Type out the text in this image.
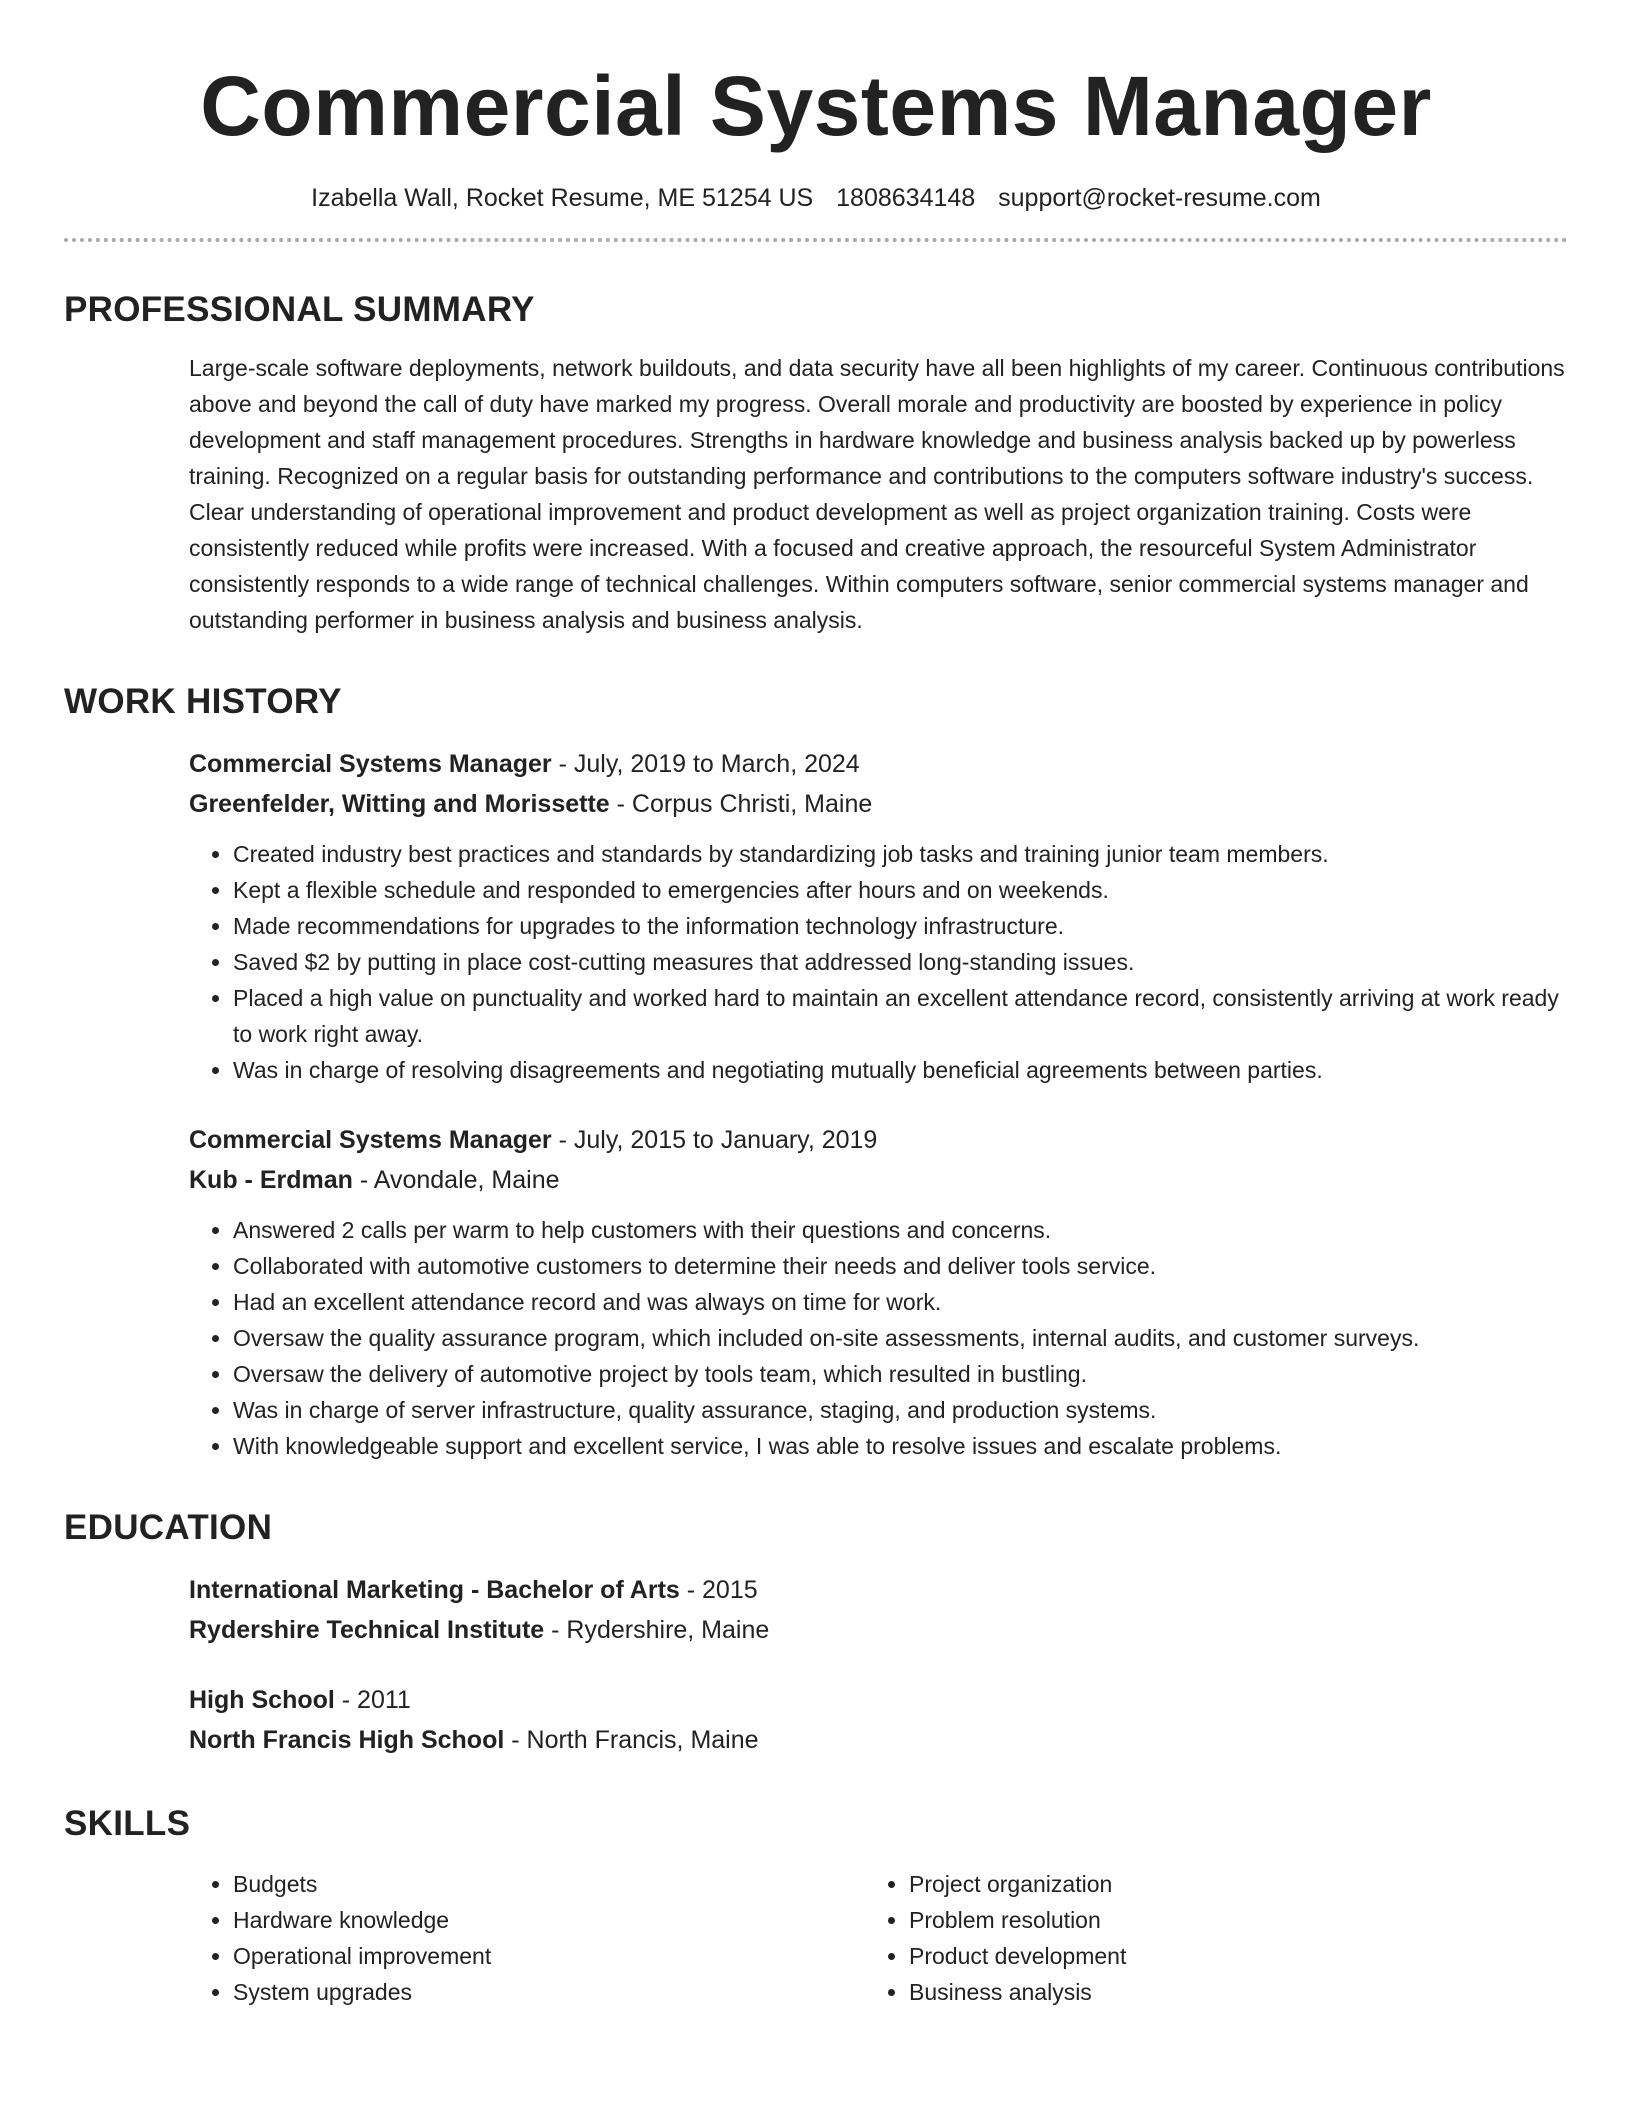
Commercial Systems Manager
Izabella Wall, Rocket Resume, ME 51254 US 1808634148 support@rocket-resume.com
PROFESSIONAL SUMMARY

Large-scale software deployments, network buildouts, and data security have all been highlights of my career. Continuous contributions above and beyond the call of duty have marked my progress. Overall morale and productivity are boosted by experience in policy development and staff management procedures. Strengths in hardware knowledge and business analysis backed up by powerless training. Recognized on a regular basis for outstanding performance and contributions to the computers software industry's success. Clear understanding of operational improvement and product development as well as project organization training. Costs were consistently reduced while profits were increased. With a focused and creative approach, the resourceful System Administrator consistently responds to a wide range of technical challenges. Within computers software, senior commercial systems manager and outstanding performer in business analysis and business analysis.

WORK HISTORY
Commercial Systems Manager - July, 2019 to March, 2024
Greenfelder, Witting and Morissette - Corpus Christi, Maine
• Created industry best practices and standards by standardizing job tasks and training junior team members.
• Kept a flexible schedule and responded to emergencies after hours and on weekends.
• Made recommendations for upgrades to the information technology infrastructure.
• Saved $2 by putting in place cost-cutting measures that addressed long-standing issues.
• Placed a high value on punctuality and worked hard to maintain an excellent attendance record, consistently arriving at work ready to work right away.
• Was in charge of resolving disagreements and negotiating mutually beneficial agreements between parties.
Commercial Systems Manager - July, 2015 to January, 2019
Kub - Erdman - Avondale, Maine
• Answered 2 calls per warm to help customers with their questions and concerns.
• Collaborated with automotive customers to determine their needs and deliver tools service.
• Had an excellent attendance record and was always on time for work.
• Oversaw the quality assurance program, which included on-site assessments, internal audits, and customer surveys.
• Oversaw the delivery of automotive project by tools team, which resulted in bustling.
• Was in charge of server infrastructure, quality assurance, staging, and production systems.
• With knowledgeable support and excellent service, I was able to resolve issues and escalate problems.
EDUCATION
International Marketing - Bachelor of Arts - 2015
Rydershire Technical Institute - Rydershire, Maine
High School - 2011
North Francis High School - North Francis, Maine
SKILLS
• Budgets
• Hardware knowledge
• Operational improvement
• System upgrades
• Project organization
• Problem resolution
• Product development
• Business analysis
